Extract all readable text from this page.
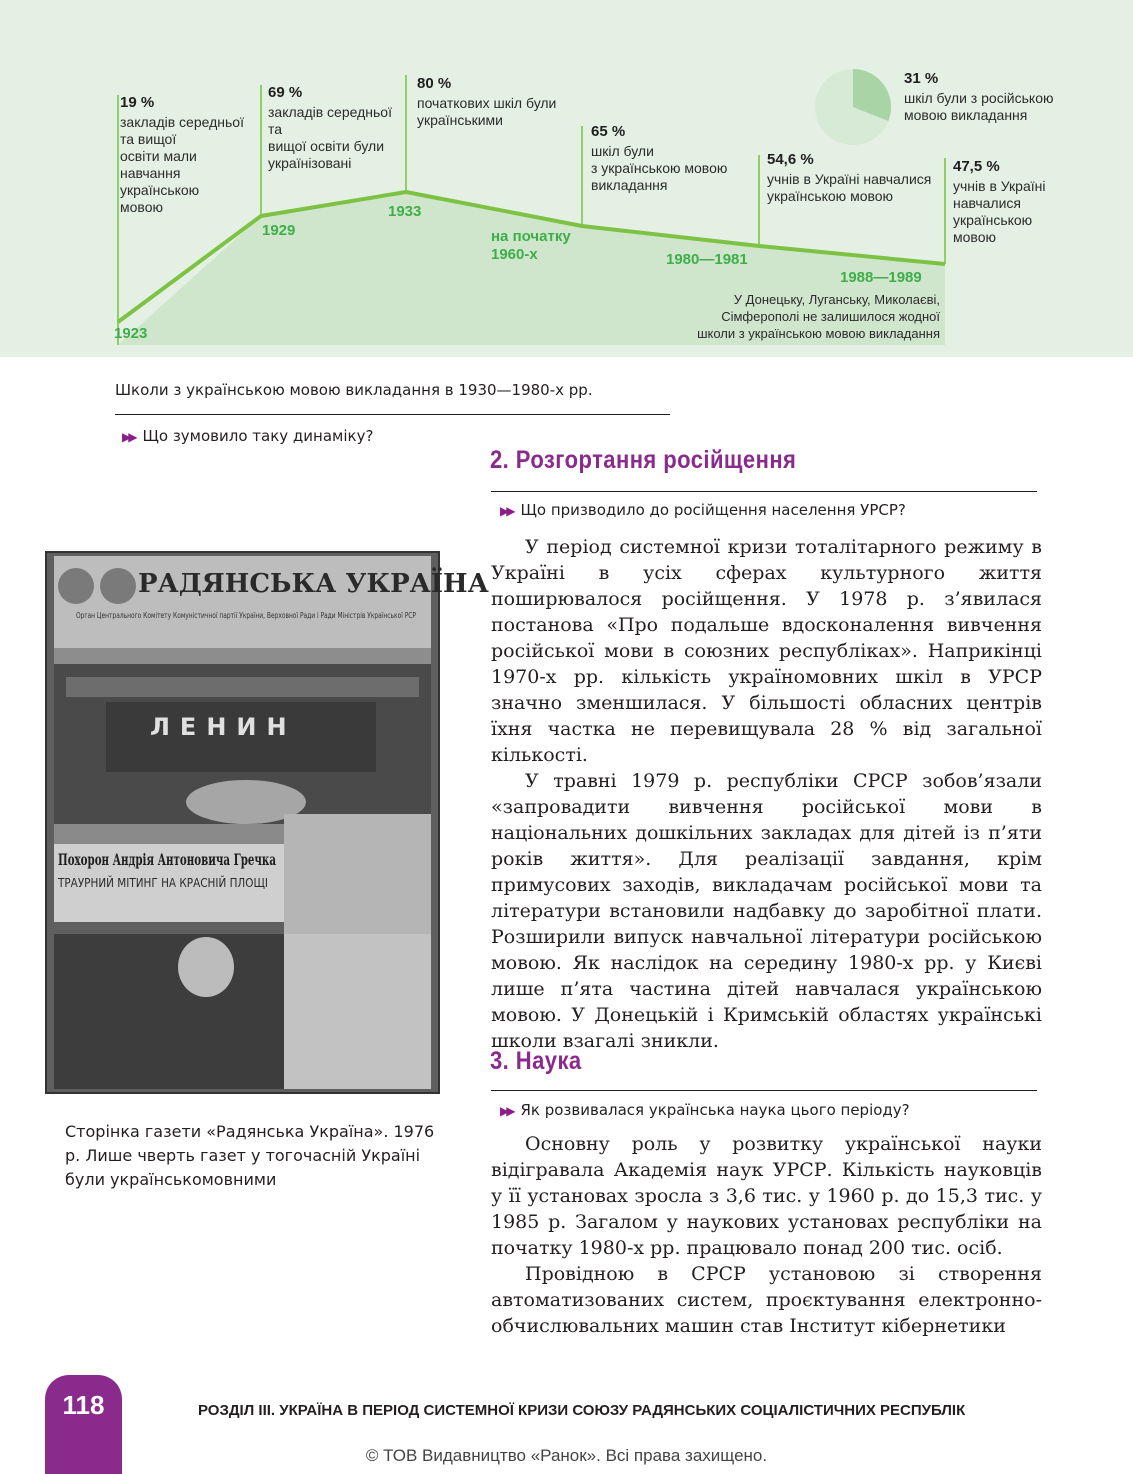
19 %
закладів середньої
та вищої
освіти мали навчання
українською
мовою
69 %
закладів середньої та
вищої освіти були
українізовані
80 %
початкових шкіл були
українськими
65 %
шкіл були
з українською мовою
викладання
54,6 %
учнів в Україні навчалися
українською мовою
47,5 %
учнів в Україні
навчалися
українською
мовою
31 %
шкіл були з російською
мовою викладання
1923
1929
1933
на початку
1960-х	1980—1981
1988—1989
У Донецьку, Луганську, Миколаєві,
Сімферополі не залишилося жодної
школи з українською мовою викладання
Школи з українською мовою викладання в 1930—1980-х рр.
▶▶ Що зумовило таку динаміку?
2. Розгортання російщення
▶▶ Що призводило до російщення населення УРСР?

У період системної кризи тоталітарного режиму в Україні в усіх сферах культурного життя поширювалося російщення. У 1978 р. з’явилася постанова «Про подальше вдосконалення вивчення російської мови в союзних республіках». Наприкінці 1970-х рр. кількість україномовних шкіл в УРСР значно зменшилася. У більшості обласних центрів їхня частка не перевищувала 28 % від загальної кількості.

У травні 1979 р. республіки СРСР зобов’язали «запровадити вивчення російської мови в національних дошкільних закладах для дітей із п’яти років життя». Для реалізації завдання, крім примусових заходів, викладачам російської мови та літератури встановили надбавку до заробітної плати. Розширили випуск навчальної літератури російською мовою. Як наслідок на середину 1980-х рр. у Києві лише п’ята частина дітей навчалася українською мовою. У Донецькій і Кримській областях українські школи взагалі зникли.

3. Наука
▶▶ Як розвивалася українська наука цього періоду?

Основну роль у розвитку української науки відігравала Академія наук УРСР. Кількість науковців у її установах зросла з 3,6 тис. у 1960 р. до 15,3 тис. у 1985 р. Загалом у наукових установах республіки на початку 1980-х рр. працювало понад 200 тис. осіб.

Провідною в СРСР установою зі створення автоматизованих систем, проєктування електронно-обчислювальних машин став Інститут кібернетики

РАДЯНСЬКА УКРАЇНА
Орган Центрального Комітету Комуністичної партії України, Верховної Ради і Ради Міністрів Української РСР
ЛЕНИН
Похорон Андрія Антоновича Гречка
ТРАУРНИЙ МІТИНГ НА КРАСНІЙ ПЛОЩІ
Сторінка газети «Радянська Україна». 1976 р. Лише чверть газет у тогочасній Україні були українськомовними
118	РОЗДІЛ ІІІ. УКРАЇНА В ПЕРІОД СИСТЕМНОЇ КРИЗИ СОЮЗУ РАДЯНСЬКИХ СОЦІАЛІСТИЧНИХ РЕСПУБЛІК
© ТОВ Видавництво «Ранок». Всі права захищено.
